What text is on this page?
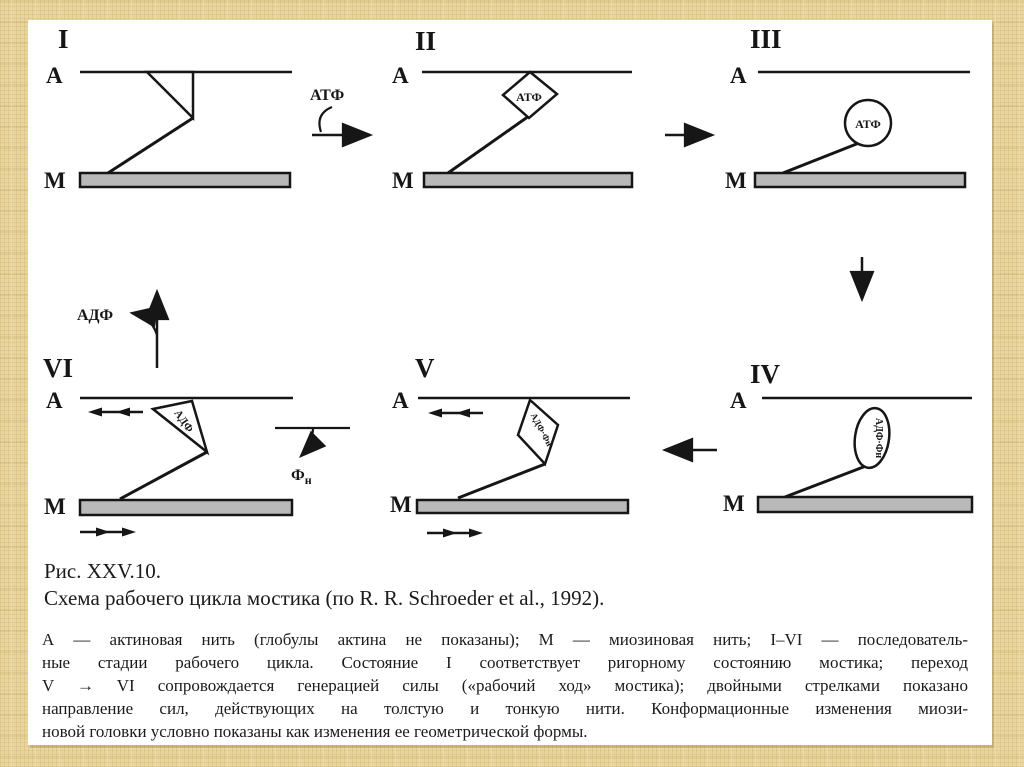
I
А
М
АТФ
II
А
АТФ
М
III
А
АТФ
М
IV
А
АДФ·Фн
М
V
А
АДФ·Фн
М
$Ф_н$
АДФ
VI
А
АДФ
М
Рис. XXV.10.
Схема рабочего цикла мостика (по R. R. Schroeder et al., 1992).
А — актиновая нить (глобулы актина не показаны); М — миозиновая нить; I–VI — последователь-
ные стадии рабочего цикла. Состояние I соответствует ригорному состоянию мостика; переход
V → VI сопровождается генерацией силы («рабочий ход» мостика); двойными стрелками показано
направление сил, действующих на толстую и тонкую нити. Конформационные изменения миози-
новой головки условно показаны как изменения ее геометрической формы.
